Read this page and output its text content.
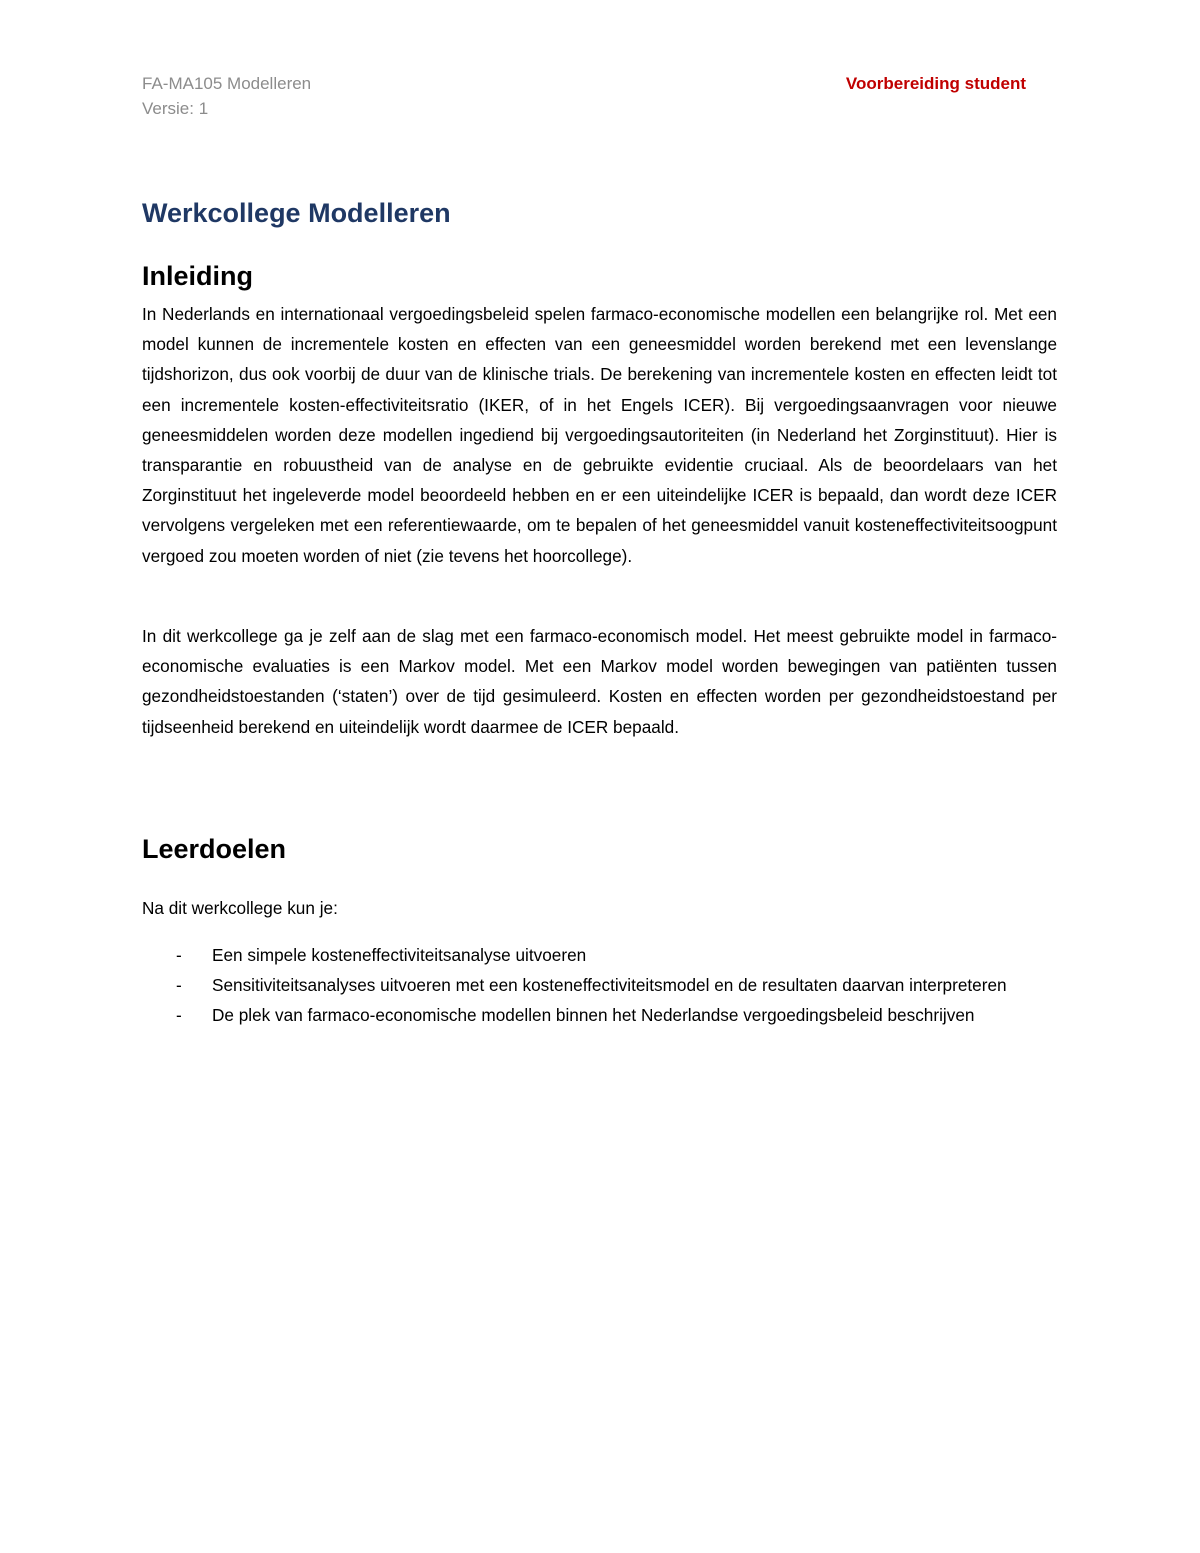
FA-MA105 Modelleren
Versie: 1
Voorbereiding student
Werkcollege Modelleren
Inleiding

In Nederlands en internationaal vergoedingsbeleid spelen farmaco-economische modellen een belangrijke rol. Met een model kunnen de incrementele kosten en effecten van een geneesmiddel worden berekend met een levenslange tijdshorizon, dus ook voorbij de duur van de klinische trials. De berekening van incrementele kosten en effecten leidt tot een incrementele kosten-effectiviteitsratio (IKER, of in het Engels ICER). Bij vergoedingsaanvragen voor nieuwe geneesmiddelen worden deze modellen ingediend bij vergoedingsautoriteiten (in Nederland het Zorginstituut). Hier is transparantie en robuustheid van de analyse en de gebruikte evidentie cruciaal. Als de beoordelaars van het Zorginstituut het ingeleverde model beoordeeld hebben en er een uiteindelijke ICER is bepaald, dan wordt deze ICER vervolgens vergeleken met een referentiewaarde, om te bepalen of het geneesmiddel vanuit kosteneffectiviteitsoogpunt vergoed zou moeten worden of niet (zie tevens het hoorcollege).

In dit werkcollege ga je zelf aan de slag met een farmaco-economisch model. Het meest gebruikte model in farmaco-economische evaluaties is een Markov model. Met een Markov model worden bewegingen van patiënten tussen gezondheidstoestanden (‘staten’) over de tijd gesimuleerd. Kosten en effecten worden per gezondheidstoestand per tijdseenheid berekend en uiteindelijk wordt daarmee de ICER bepaald.

Leerdoelen

Na dit werkcollege kun je:

- Een simpele kosteneffectiviteitsanalyse uitvoeren
- Sensitiviteitsanalyses uitvoeren met een kosteneffectiviteitsmodel en de resultaten daarvan interpreteren
- De plek van farmaco-economische modellen binnen het Nederlandse vergoedingsbeleid beschrijven
